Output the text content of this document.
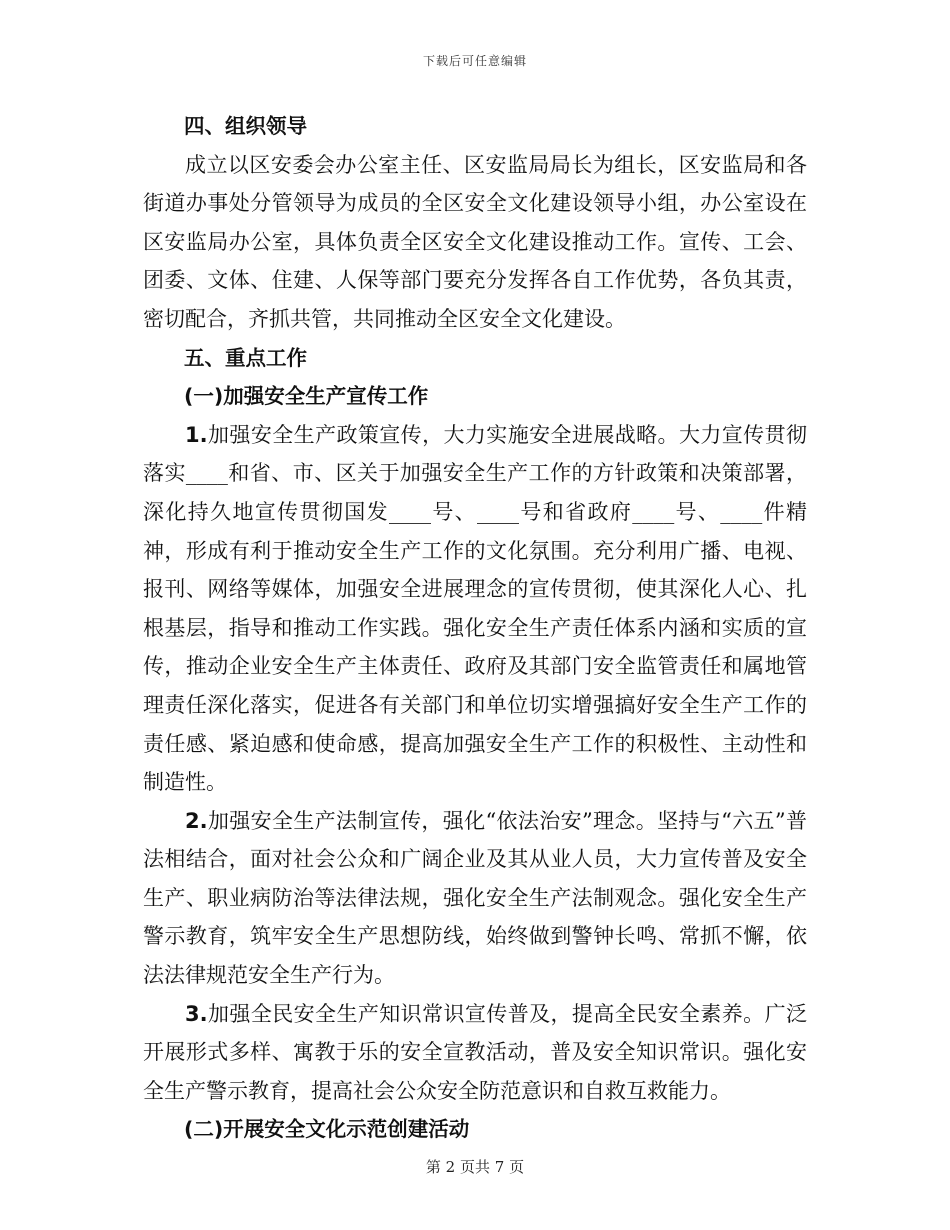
下载后可任意编辑

四、组织领导

成立以区安委会办公室主任、区安监局局长为组长，区安监局和各街道办事处分管领导为成员的全区安全文化建设领导小组，办公室设在区安监局办公室，具体负责全区安全文化建设推动工作。宣传、工会、团委、文体、住建、人保等部门要充分发挥各自工作优势，各负其责，密切配合，齐抓共管，共同推动全区安全文化建设。

五、重点工作

(一)加强安全生产宣传工作

1.加强安全生产政策宣传，大力实施安全进展战略。大力宣传贯彻落实____和省、市、区关于加强安全生产工作的方针政策和决策部署，深化持久地宣传贯彻国发____号、____号和省政府____号、____件精神，形成有利于推动安全生产工作的文化氛围。充分利用广播、电视、报刊、网络等媒体，加强安全进展理念的宣传贯彻，使其深化人心、扎根基层，指导和推动工作实践。强化安全生产责任体系内涵和实质的宣传，推动企业安全生产主体责任、政府及其部门安全监管责任和属地管理责任深化落实，促进各有关部门和单位切实增强搞好安全生产工作的责任感、紧迫感和使命感，提高加强安全生产工作的积极性、主动性和制造性。

2.加强安全生产法制宣传，强化“依法治安”理念。坚持与“六五”普法相结合，面对社会公众和广阔企业及其从业人员，大力宣传普及安全生产、职业病防治等法律法规，强化安全生产法制观念。强化安全生产警示教育，筑牢安全生产思想防线，始终做到警钟长鸣、常抓不懈，依法法律规范安全生产行为。

3.加强全民安全生产知识常识宣传普及，提高全民安全素养。广泛开展形式多样、寓教于乐的安全宣教活动，普及安全知识常识。强化安全生产警示教育，提高社会公众安全防范意识和自救互救能力。

(二)开展安全文化示范创建活动

第 2 页共 7 页
